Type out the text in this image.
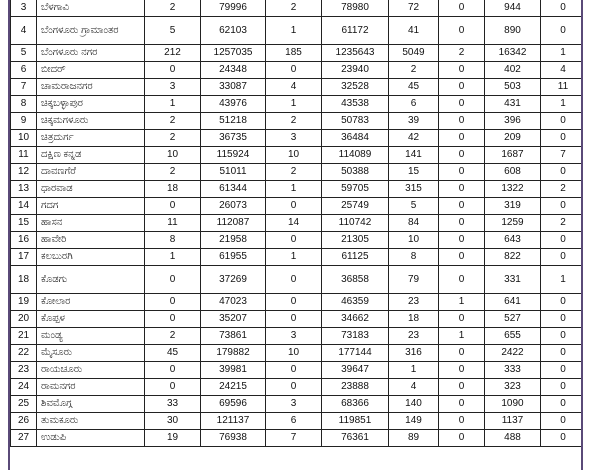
3	ಬೆಳಗಾವಿ	2	79996	2	78980	72	0	944	0
4	ಬೆಂಗಳೂರು ಗ್ರಾಮಾಂತರ	5	62103	1	61172	41	0	890	0
5	ಬೆಂಗಳೂರು ನಗರ	212	1257035	185	1235643	5049	2	16342	1
6	ಬೀದರ್	0	24348	0	23940	2	0	402	4
7	ಚಾಮರಾಜನಗರ	3	33087	4	32528	45	0	503	11
8	ಚಿಕ್ಕಬಳ್ಳಾಪುರ	1	43976	1	43538	6	0	431	1
9	ಚಿಕ್ಕಮಗಳೂರು	2	51218	2	50783	39	0	396	0
10	ಚಿತ್ರದುರ್ಗ	2	36735	3	36484	42	0	209	0
11	ದಕ್ಷಿಣ ಕನ್ನಡ	10	115924	10	114089	141	0	1687	7
12	ದಾವಣಗೆರೆ	2	51011	2	50388	15	0	608	0
13	ಧಾರವಾಡ	18	61344	1	59705	315	0	1322	2
14	ಗದಗ	0	26073	0	25749	5	0	319	0
15	ಹಾಸನ	11	112087	14	110742	84	0	1259	2
16	ಹಾವೇರಿ	8	21958	0	21305	10	0	643	0
17	ಕಲಬುರಗಿ	1	61955	1	61125	8	0	822	0
18	ಕೊಡಗು	0	37269	0	36858	79	0	331	1
19	ಕೋಲಾರ	0	47023	0	46359	23	1	641	0
20	ಕೊಪ್ಪಳ	0	35207	0	34662	18	0	527	0
21	ಮಂಡ್ಯ	2	73861	3	73183	23	1	655	0
22	ಮೈಸೂರು	45	179882	10	177144	316	0	2422	0
23	ರಾಯಚೂರು	0	39981	0	39647	1	0	333	0
24	ರಾಮನಗರ	0	24215	0	23888	4	0	323	0
25	ಶಿವಮೊಗ್ಗ	33	69596	3	68366	140	0	1090	0
26	ತುಮಕೂರು	30	121137	6	119851	149	0	1137	0
27	ಉಡುಪಿ	19	76938	7	76361	89	0	488	0
